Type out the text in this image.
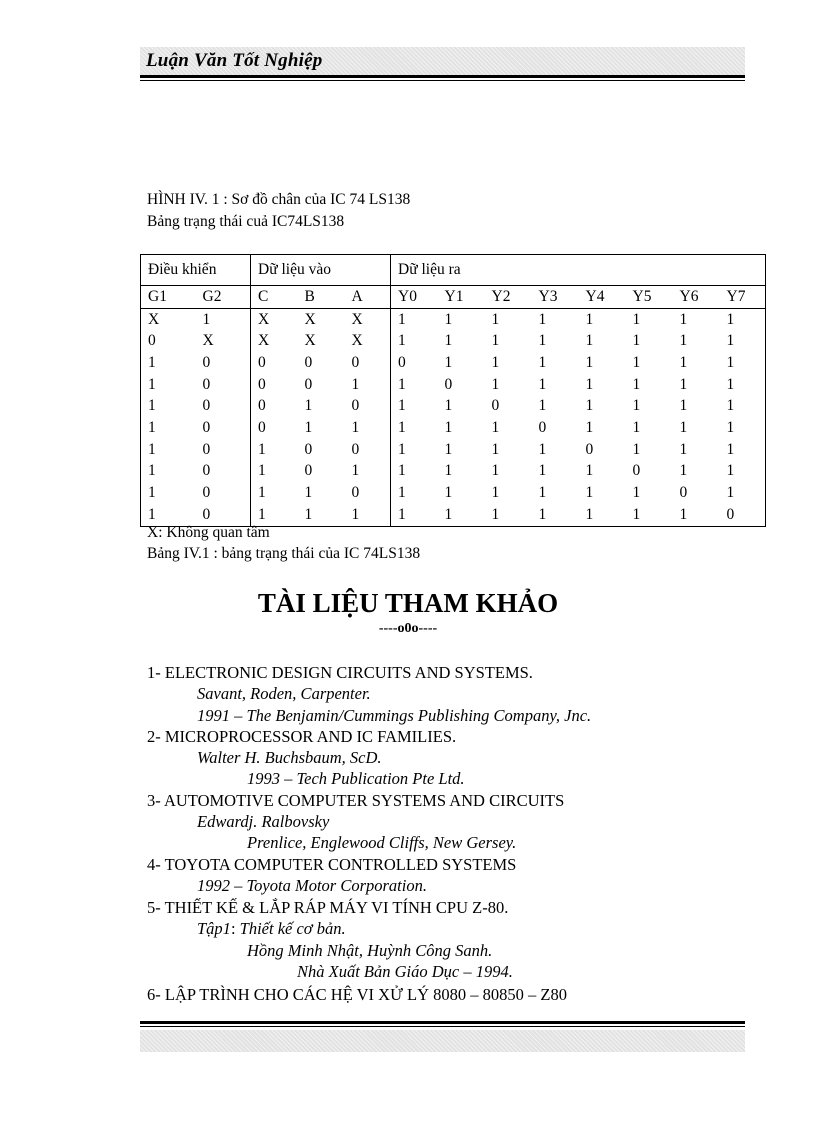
Luận Văn Tốt Nghiệp
HÌNH IV. 1 : Sơ đồ chân của IC 74 LS138
Bảng trạng thái cuả IC74LS138
Điều khiển		Dữ liệu vào			Dữ liệu ra							
G1	G2	C	B	A	Y0	Y1	Y2	Y3	Y4	Y5	Y6	Y7
X	1	X	X	X	1	1	1	1	1	1	1	1
0	X	X	X	X	1	1	1	1	1	1	1	1
1	0	0	0	0	0	1	1	1	1	1	1	1
1	0	0	0	1	1	0	1	1	1	1	1	1
1	0	0	1	0	1	1	0	1	1	1	1	1
1	0	0	1	1	1	1	1	0	1	1	1	1
1	0	1	0	0	1	1	1	1	0	1	1	1
1	0	1	0	1	1	1	1	1	1	0	1	1
1	0	1	1	0	1	1	1	1	1	1	0	1
1	0	1	1	1	1	1	1	1	1	1	1	0
X: Không quan tâm
Bảng IV.1 : bảng trạng thái của IC 74LS138
TÀI LIỆU THAM KHẢO
----o0o----
1- ELECTRONIC DESIGN CIRCUITS AND SYSTEMS.
Savant, Roden, Carpenter.
1991 – The Benjamin/Cummings Publishing Company, Jnc.
2- MICROPROCESSOR AND IC FAMILIES.
Walter H. Buchsbaum, ScD.
1993 – Tech Publication Pte Ltd.
3- AUTOMOTIVE COMPUTER SYSTEMS AND CIRCUITS
Edwardj. Ralbovsky
Prenlice, Englewood Cliffs, New Gersey.
4- TOYOTA COMPUTER CONTROLLED SYSTEMS
1992 – Toyota Motor Corporation.
5- THIẾT KẾ & LẮP RÁP MÁY VI TÍNH CPU Z-80.
Tập1: Thiết kế cơ bản.
Hồng Minh Nhật, Huỳnh Công Sanh.
Nhà Xuất Bản Giáo Dục – 1994.
6- LẬP TRÌNH CHO CÁC HỆ VI XỬ LÝ 8080 – 80850 – Z80
